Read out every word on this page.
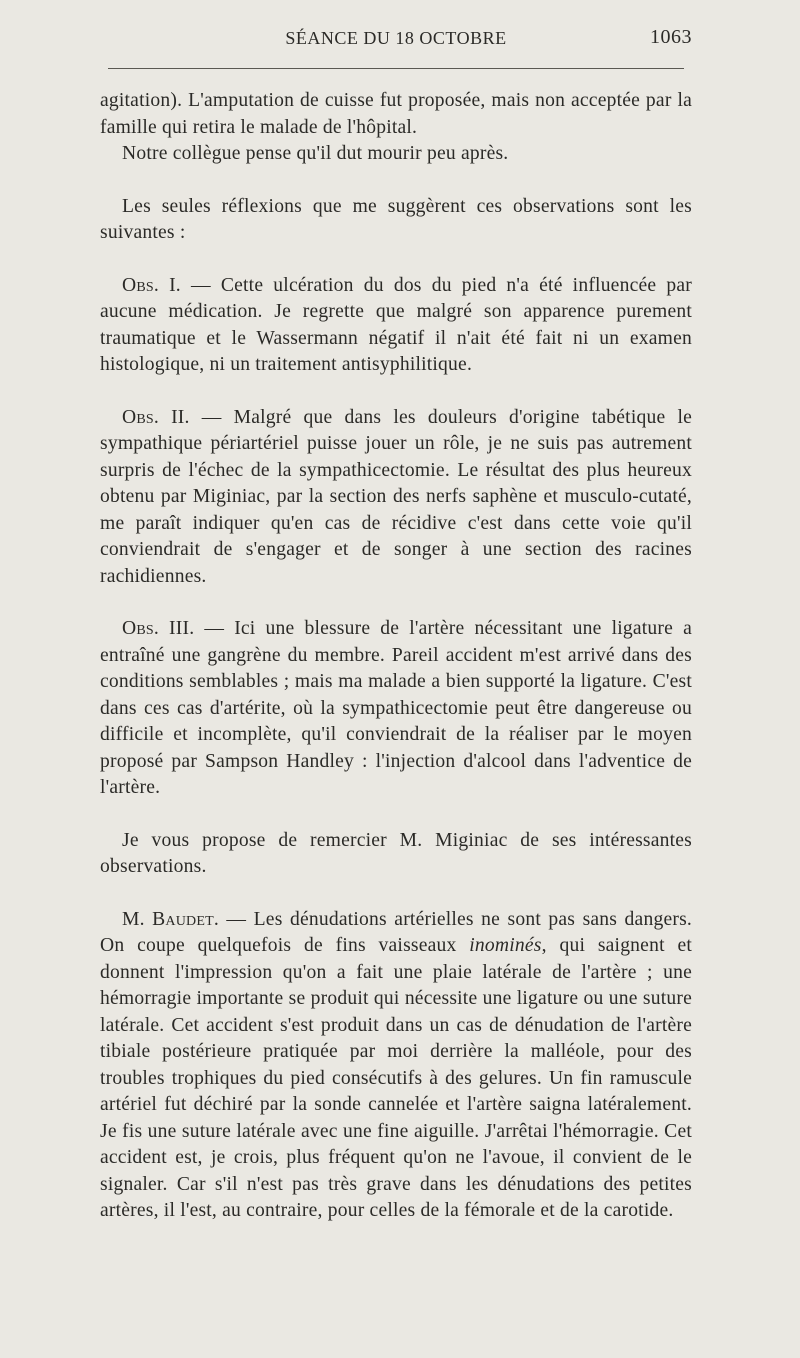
SÉANCE DU 18 OCTOBRE	1063

agitation). L'amputation de cuisse fut proposée, mais non acceptée par la famille qui retira le malade de l'hôpital.

Notre collègue pense qu'il dut mourir peu après.

Les seules réflexions que me suggèrent ces observations sont les suivantes :

Obs. I. — Cette ulcération du dos du pied n'a été influencée par aucune médication. Je regrette que malgré son apparence purement traumatique et le Wassermann négatif il n'ait été fait ni un examen histologique, ni un traitement antisyphilitique.

Obs. II. — Malgré que dans les douleurs d'origine tabétique le sympathique périartériel puisse jouer un rôle, je ne suis pas autrement surpris de l'échec de la sympathicectomie. Le résultat des plus heureux obtenu par Miginiac, par la section des nerfs saphène et musculo-cutaté, me paraît indiquer qu'en cas de récidive c'est dans cette voie qu'il conviendrait de s'engager et de songer à une section des racines rachidiennes.

Obs. III. — Ici une blessure de l'artère nécessitant une ligature a entraîné une gangrène du membre. Pareil accident m'est arrivé dans des conditions semblables ; mais ma malade a bien supporté la ligature. C'est dans ces cas d'artérite, où la sympathicectomie peut être dangereuse ou difficile et incomplète, qu'il conviendrait de la réaliser par le moyen proposé par Sampson Handley : l'injection d'alcool dans l'adventice de l'artère.

Je vous propose de remercier M. Miginiac de ses intéressantes observations.

M. Baudet. — Les dénudations artérielles ne sont pas sans dangers. On coupe quelquefois de fins vaisseaux inominés, qui saignent et donnent l'impression qu'on a fait une plaie latérale de l'artère ; une hémorragie importante se produit qui nécessite une ligature ou une suture latérale. Cet accident s'est produit dans un cas de dénudation de l'artère tibiale postérieure pratiquée par moi derrière la malléole, pour des troubles trophiques du pied consécutifs à des gelures. Un fin ramuscule artériel fut déchiré par la sonde cannelée et l'artère saigna latéralement. Je fis une suture latérale avec une fine aiguille. J'arrêtai l'hémorragie. Cet accident est, je crois, plus fréquent qu'on ne l'avoue, il convient de le signaler. Car s'il n'est pas très grave dans les dénudations des petites artères, il l'est, au contraire, pour celles de la fémorale et de la carotide.
